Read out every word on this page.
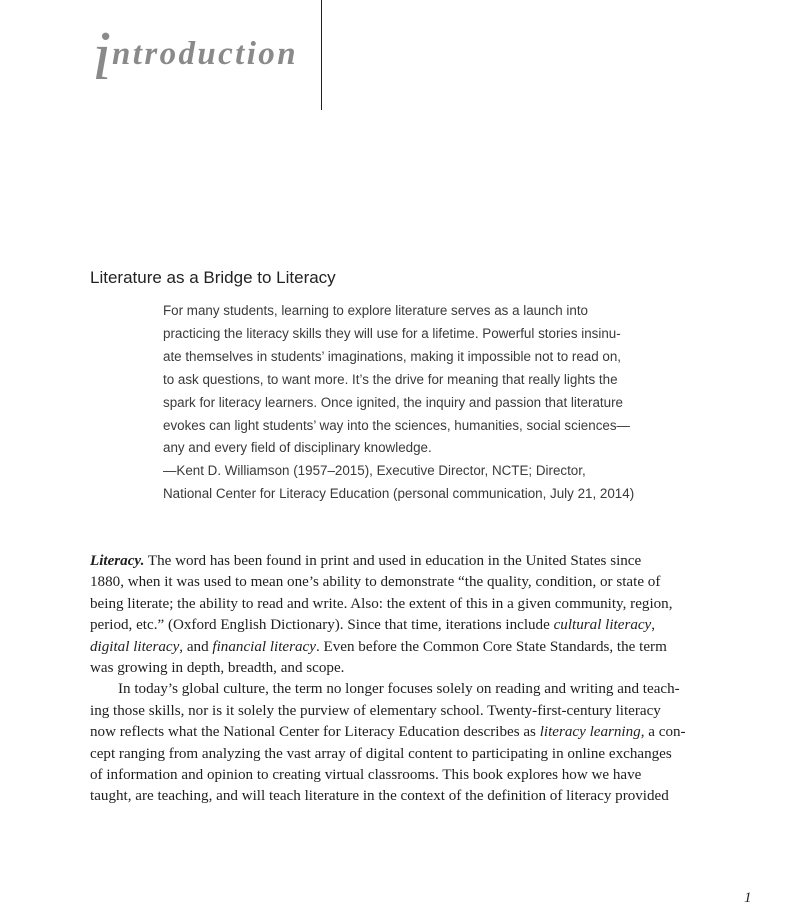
i ntroduction
Literature as a Bridge to Literacy
For many students, learning to explore literature serves as a launch into
practicing the literacy skills they will use for a lifetime. Powerful stories insinu-
ate themselves in students’ imaginations, making it impossible not to read on,
to ask questions, to want more. It’s the drive for meaning that really lights the
spark for literacy learners. Once ignited, the inquiry and passion that literature
evokes can light students’ way into the sciences, humanities, social sciences—
any and every field of disciplinary knowledge.
—Kent D. Williamson (1957–2015), Executive Director, NCTE; Director,
National Center for Literacy Education (personal communication, July 21, 2014)
Literacy. The word has been found in print and used in education in the United States since
1880, when it was used to mean one’s ability to demonstrate “the quality, condition, or state of
being literate; the ability to read and write. Also: the extent of this in a given community, region,
period, etc.” (Oxford English Dictionary). Since that time, iterations include cultural literacy,
digital literacy, and financial literacy. Even before the Common Core State Standards, the term
was growing in depth, breadth, and scope.
In today’s global culture, the term no longer focuses solely on reading and writing and teach-
ing those skills, nor is it solely the purview of elementary school. Twenty-first-century literacy
now reflects what the National Center for Literacy Education describes as literacy learning, a con-
cept ranging from analyzing the vast array of digital content to participating in online exchanges
of information and opinion to creating virtual classrooms. This book explores how we have
taught, are teaching, and will teach literature in the context of the definition of literacy provided
1
